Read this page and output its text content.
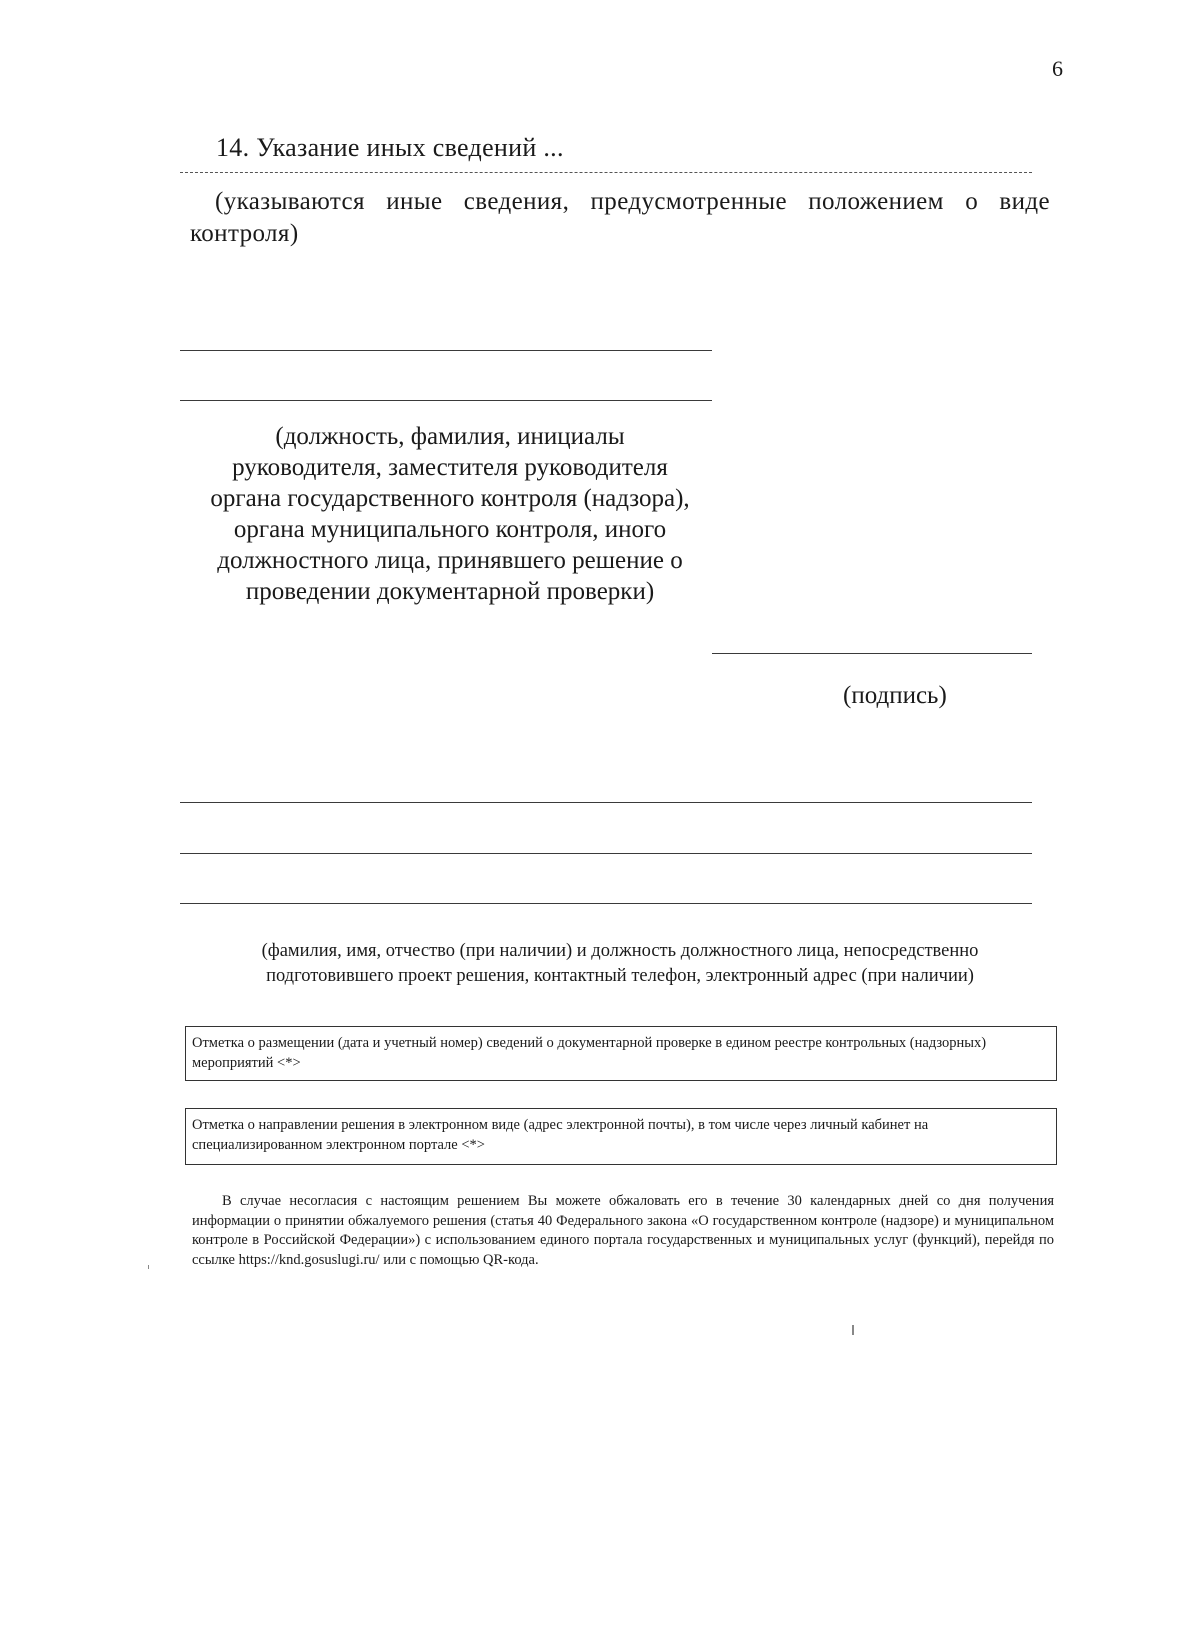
6
14. Указание иных сведений ...
(указываются иные сведения, предусмотренные положением о виде контроля)
(должность, фамилия, инициалы
руководителя, заместителя руководителя
органа государственного контроля (надзора),
органа муниципального контроля, иного
должностного лица, принявшего решение о
проведении документарной проверки)
(подпись)
(фамилия, имя, отчество (при наличии) и должность должностного лица, непосредственно
подготовившего проект решения, контактный телефон, электронный адрес (при наличии)
Отметка о размещении (дата и учетный номер) сведений о документарной проверке в едином реестре контрольных (надзорных) мероприятий <*>
Отметка о направлении решения в электронном виде (адрес электронной почты), в том числе через личный кабинет на специализированном электронном портале <*>
В случае несогласия с настоящим решением Вы можете обжаловать его в течение 30 календарных дней со дня получения информации о принятии обжалуемого решения (статья 40 Федерального закона «О государственном контроле (надзоре) и муниципальном контроле в Российской Федерации») с использованием единого портала государственных и муниципальных услуг (функций), перейдя по ссылке https://knd.gosuslugi.ru/ или с помощью QR-кода.
